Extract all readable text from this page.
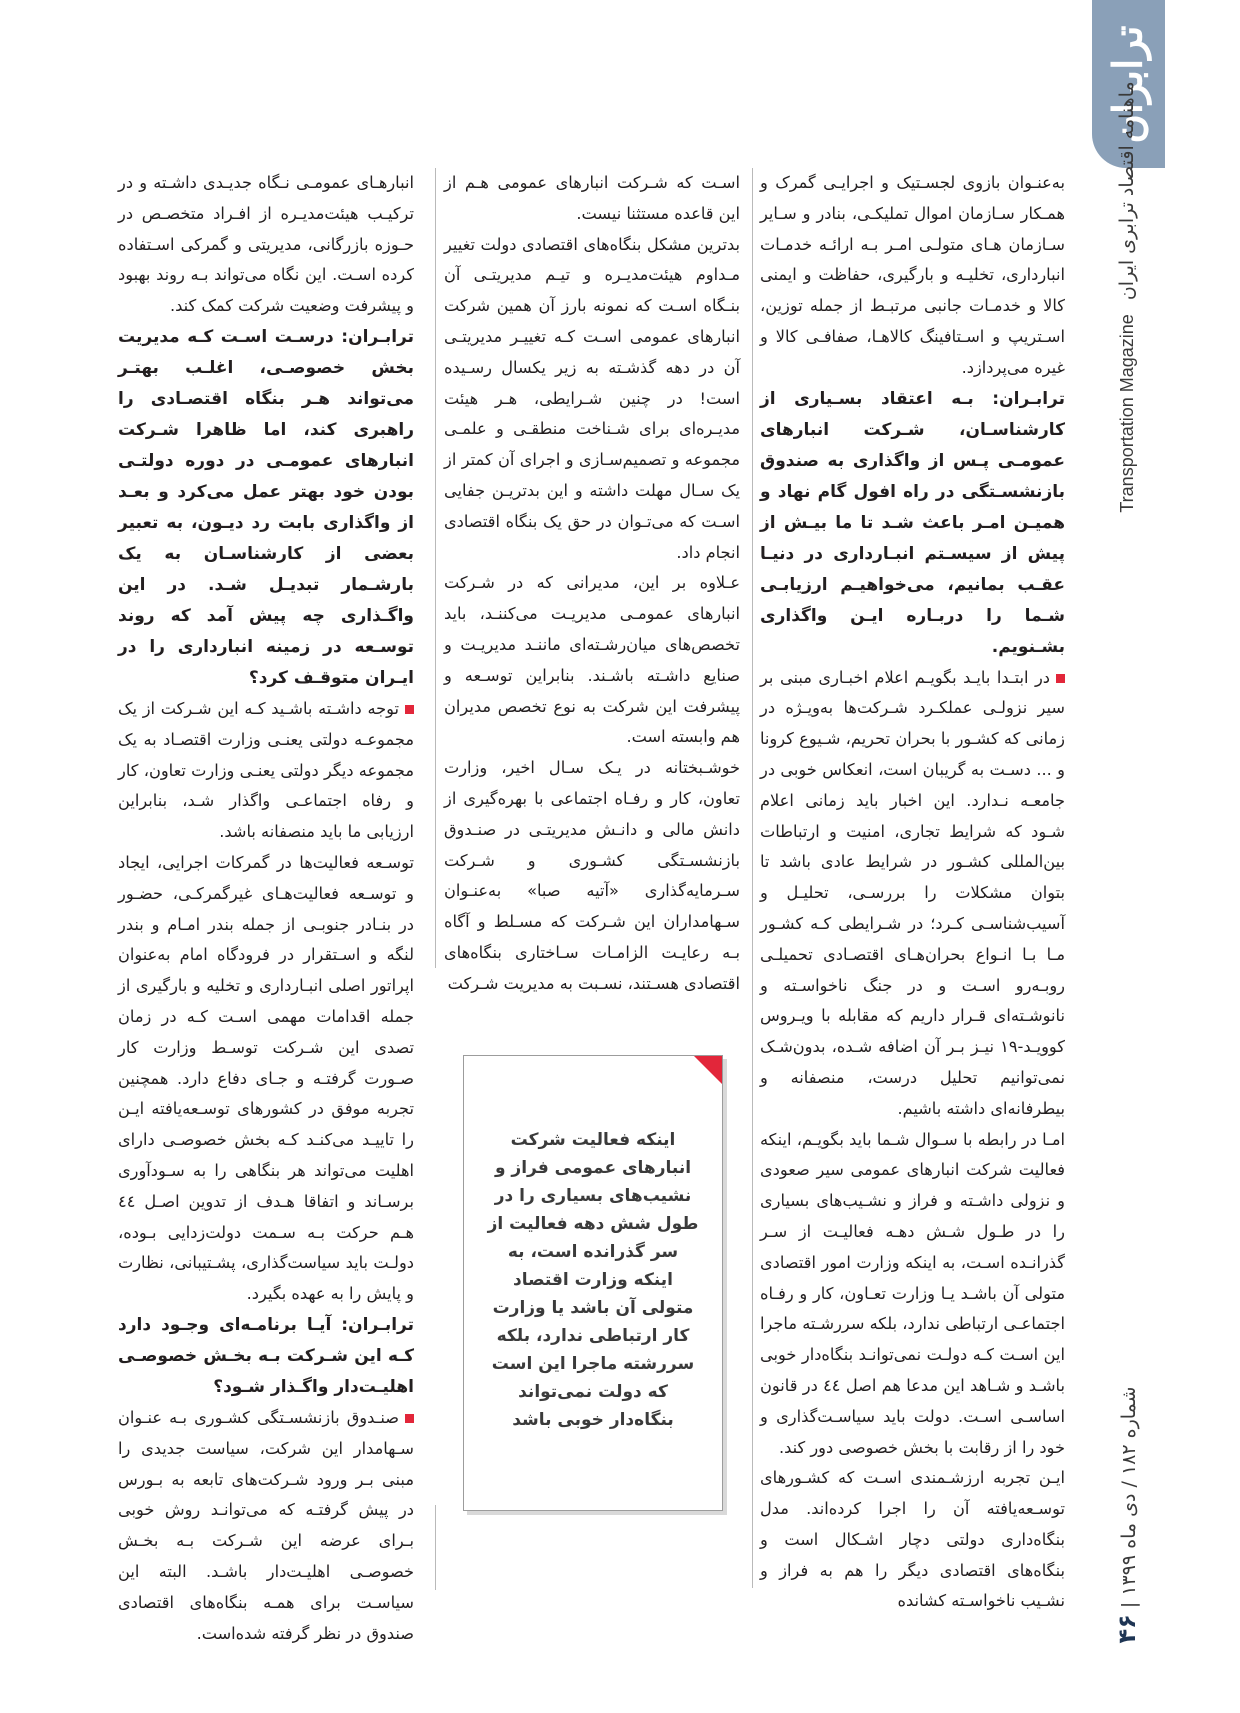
ترابران
ماهنامه اقتصاد ترابری ایران Transportation Magazine
شماره ۱۸۲ / دی ماه ۱۳۹۹ | ۴۶

به‌عنـوان بازوی لجسـتیک و اجرایـی گمرک و همـکار سـازمان اموال تملیکـی، بنادر و سـایر سـازمان هـای متولـی امـر بـه ارائـه خدمـات انبارداری، تخلیـه و بارگیری، حفاظت و ایمنی کالا و خدمـات جانبی مرتبـط از جمله توزین، اسـتریپ و اسـتافینگ کالاهـا، صفافـی کالا و غیره می‌پردازد.

ترابـران: بـه اعتقاد بسـیاری از کارشناسـان، شـرکت انبارهای عمومـی پـس از واگذاری به صندوق بازنشسـتگی در راه افول گام نهاد و همیـن امـر باعث شـد تا ما بیـش از پیش از سیسـتم انبـارداری در دنیـا عقـب بمانیم، می‌خواهیـم ارزیابـی شـما را دربـاره ایـن واگذاری بشـنویم.

در ابتـدا بایـد بگویـم اعلام اخبـاری مبنی بر سیر نزولـی عملکـرد شـرکت‌ها به‌ویـژه در زمانی که کشـور با بحران تحریم، شـیوع کرونا و ... دسـت به گریبان است، انعکاس خوبی در جامعـه نـدارد. این اخبار باید زمانی اعلام شـود که شرایط تجاری، امنیت و ارتباطات بین‌المللی کشـور در شرایط عادی باشد تا بتوان مشکلات را بررسـی، تحلیـل و آسیب‌شناسـی کـرد؛ در شـرایطی کـه کشـور مـا بـا انـواع بحران‌هـای اقتصـادی تحمیلـی روبـه‌رو اسـت و در جنگ ناخواسـته و نانوشـته‌ای قـرار داریم که مقابله با ویـروس کوویـد-۱۹ نیـز بـر آن اضافه شـده، بدون‌شـک نمی‌توانیم تحلیل درست، منصفانه و بیطرفانه‌ای داشته باشیم.

امـا در رابطه با سـوال شـما باید بگویـم، اینکه فعالیت شرکت انبارهای عمومی سیر صعودی و نزولی داشـته و فراز و نشـیب‌های بسیاری را در طـول شـش دهـه فعالیـت از سـر گذرانـده اسـت، به اینکه وزارت امور اقتصادی متولی آن باشـد یـا وزارت تعـاون، کار و رفـاه اجتماعـی ارتباطی ندارد، بلکه سررشـته ماجرا این اسـت کـه دولـت نمی‌توانـد بنگاه‌دار خوبی باشـد و شـاهد این مدعا هم اصل ٤٤ در قانون اساسـی اسـت. دولت باید سیاسـت‌گذاری و خود را از رقابت با بخش خصوصی دور کند.

ایـن تجربه ارزشـمندی اسـت که کشـورهای توسـعه‌یافته آن را اجرا کرده‌اند. مدل بنگاه‌داری دولتی دچار اشـکال است و بنگاه‌های اقتصادی دیگر را هم به فراز و نشـیب ناخواسـته کشانده

اسـت که شـرکت انبارهای عمومی هـم از این قاعده مستثنا نیست.

بدترین مشکل بنگاه‌های اقتصادی دولت تغییر مـداوم هیئت‌مدیـره و تیـم مدیریتـی آن بنـگاه اسـت که نمونه بارز آن همین شرکت انبارهای عمومی اسـت کـه تغییـر مدیریتـی آن در دهه گذشـته به زیر یکسال رسـیده است! در چنین شـرایطی، هـر هیئت مدیـره‌ای برای شـناخت منطقـی و علمـی مجموعه و تصمیم‌سـازی و اجرای آن کمتر از یک سـال مهلت داشته و این بدتریـن جفایی اسـت که می‌تـوان در حق یک بنگاه اقتصادی انجام داد.

عـلاوه بر این، مدیرانی که در شـرکت انبارهای عمومـی مدیریـت می‌کننـد، باید تخصص‌های میان‌رشـته‌ای ماننـد مدیریـت و صنایع داشـته باشـند. بنابراین توسـعه و پیشرفت این شرکت به نوع تخصص مدیران هم وابسته است.

خوشـبختانه در یـک سـال اخیر، وزارت تعاون، کار و رفـاه اجتماعی با بهره‌گیری از دانش مالی و دانـش مدیریتـی در صنـدوق بازنشسـتگی کشـوری و شـرکت سـرمایه‌گذاری «آتیه صبا» به‌عنـوان سـهامداران این شـرکت که مسـلط و آگاه بـه رعایـت الزامـات سـاختاری بنگاه‌های اقتصادی هسـتند، نسـبت به مدیریت شـرکت

انبارهـای عمومـی نـگاه جدیـدی داشـته و در ترکیـب هیئت‌مدیـره از افـراد متخصـص در حـوزه بازرگانی، مدیریتی و گمرکی اسـتفاده کرده اسـت. این نگاه می‌تواند بـه روند بهبود و پیشرفت وضعیت شرکت کمک کند.

ترابـران: درسـت اسـت کـه مدیریت بخش خصوصـی، اغلـب بهتـر می‌تواند هـر بنگاه اقتصـادی را راهبری کند، اما ظاهرا شـرکت انبارهای عمومـی در دوره دولتـی بودن خود بهتر عمل می‌کرد و بعـد از واگذاری بابت رد دیـون، به تعبیر بعضی از کارشناسـان به یک بارشـمار تبدیـل شـد. در این واگـذاری چه پیش آمد که روند توسـعه در زمینه انبارداری را در ایـران متوقـف کرد؟

توجه داشـته باشـید کـه این شـرکت از یک مجموعـه دولتی یعنـی وزارت اقتصـاد به یک مجموعه دیگر دولتی یعنـی وزارت تعاون، کار و رفاه اجتماعـی واگذار شـد، بنابراین ارزیابی ما باید منصفانه باشد.

توسـعه فعالیت‌ها در گمرکات اجرایی، ایجاد و توسـعه فعالیت‌هـای غیرگمرکـی، حضـور در بنـادر جنوبـی از جمله بندر امـام و بندر لنگه و اسـتقرار در فرودگاه امام به‌عنوان اپراتور اصلی انبـارداری و تخلیه و بارگیری از جمله اقدامات مهمی اسـت کـه در زمان تصدی این شـرکت توسـط وزارت کار صـورت گرفتـه و جـای دفاع دارد. همچنین تجربه موفق در کشورهای توسـعه‌یافته ایـن را تاییـد می‌کنـد کـه بخش خصوصـی دارای اهلیت می‌تواند هر بنگاهی را به سـودآوری برسـاند و اتفاقا هـدف از تدوین اصـل ٤٤ هـم حرکت بـه سـمت دولت‌زدایی بـوده، دولـت باید سیاست‌گذاری، پشـتیبانی، نظارت و پایش را به عهده بگیرد.

ترابـران: آیـا برنامـه‌ای وجـود دارد کـه این شـرکت بـه بخـش خصوصـی اهلیـت‌دار واگـذار شـود؟

صنـدوق بازنشسـتگی کشـوری بـه عنـوان سـهامدار این شرکت، سیاست جدیدی را مبنی بـر ورود شـرکت‌های تابعه به بـورس در پیش گرفتـه که می‌توانـد روش خوبی بـرای عرضه این شـرکت بـه بخـش خصوصـی اهلیـت‌دار باشـد. البته این سیاسـت برای همـه بنگاه‌های اقتصادی صندوق در نظر گرفته شده‌است.

اینکه فعالیت شرکت انبارهای عمومی فراز و نشیب‌های بسیاری را در طول شش دهه فعالیت از سر گذرانده است، به اینکه وزارت اقتصاد متولی آن باشد یا وزارت کار ارتباطی ندارد، بلکه سررشته ماجرا این است که دولت نمی‌تواند بنگاه‌دار خوبی باشد
